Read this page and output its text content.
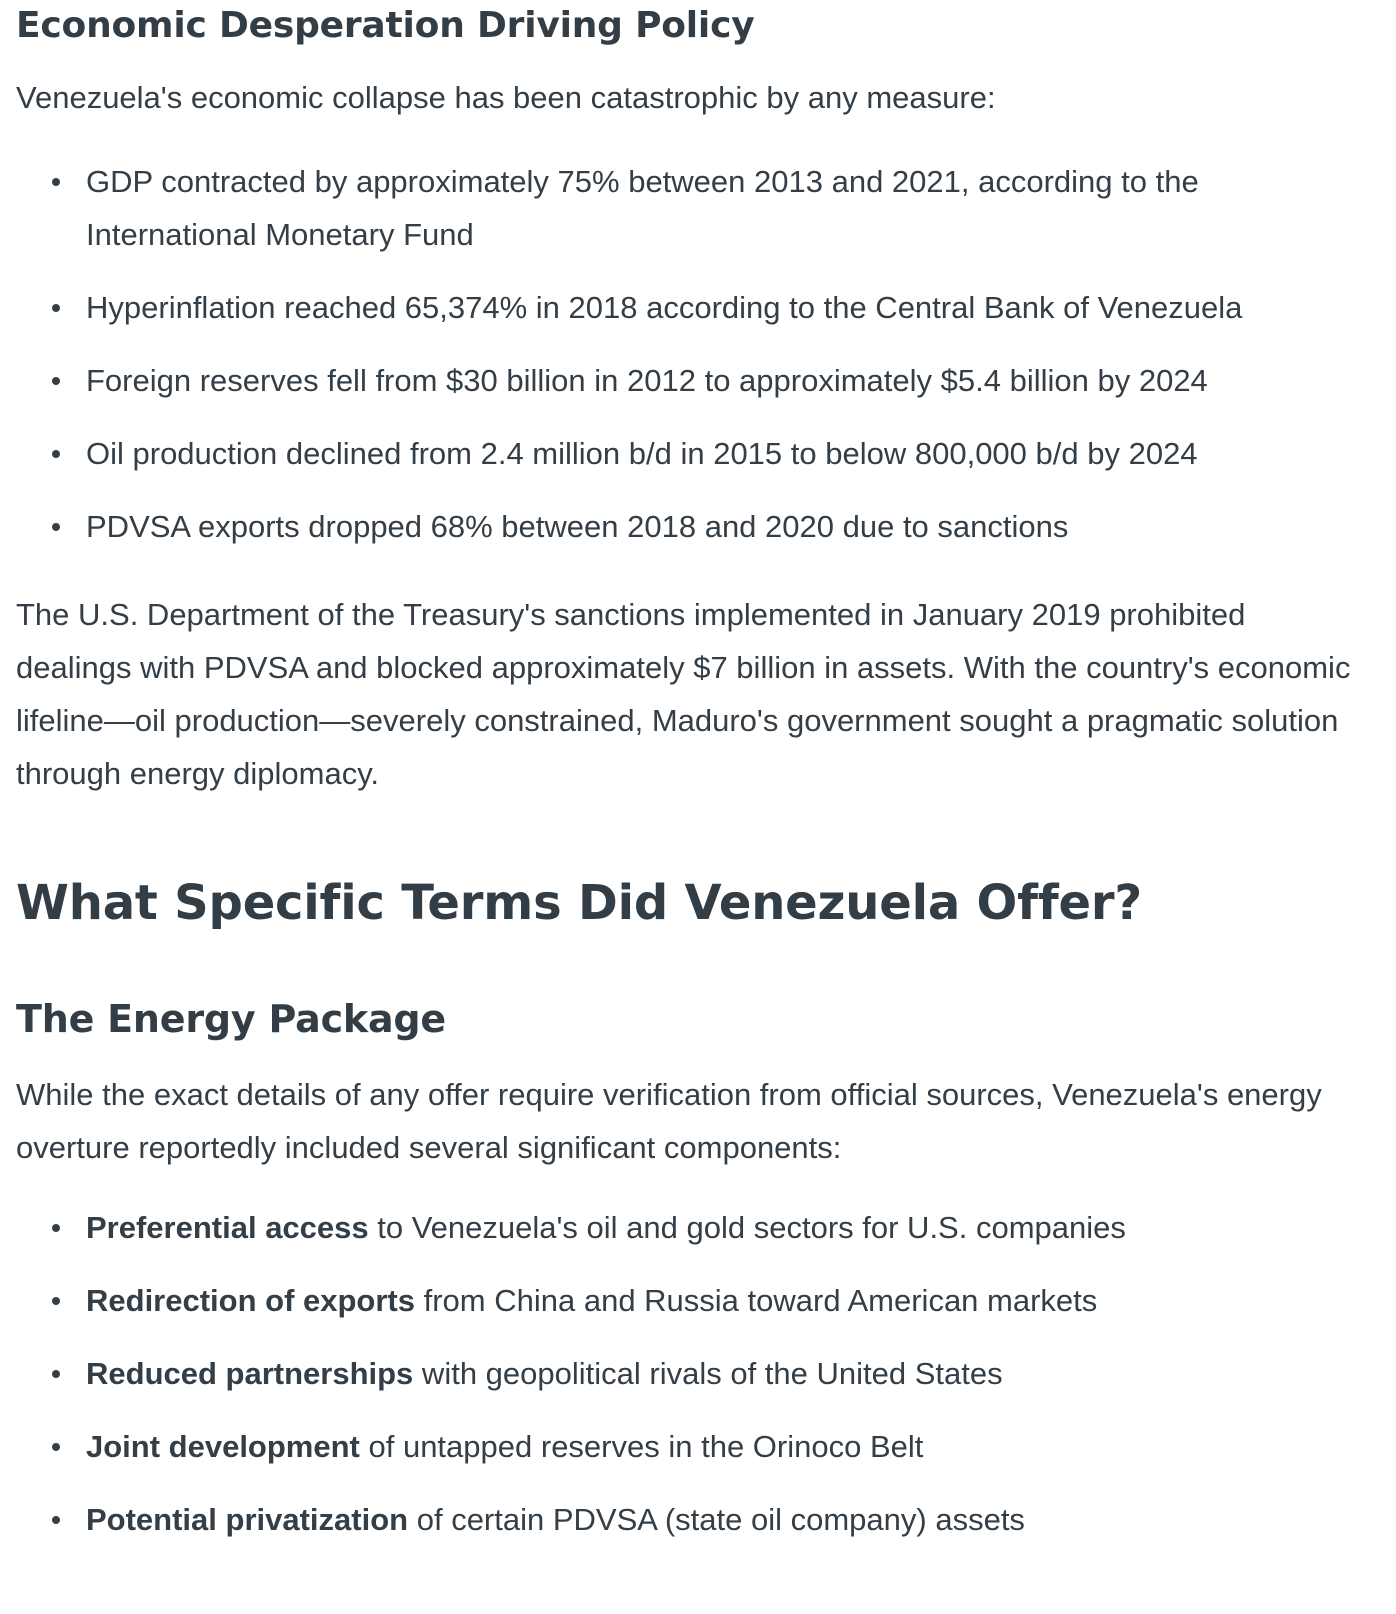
Economic Desperation Driving Policy

Venezuela's economic collapse has been catastrophic by any measure:

GDP contracted by approximately 75% between 2013 and 2021, according to the International Monetary Fund
Hyperinflation reached 65,374% in 2018 according to the Central Bank of Venezuela
Foreign reserves fell from $30 billion in 2012 to approximately $5.4 billion by 2024
Oil production declined from 2.4 million b/d in 2015 to below 800,000 b/d by 2024
PDVSA exports dropped 68% between 2018 and 2020 due to sanctions

The U.S. Department of the Treasury's sanctions implemented in January 2019 prohibited dealings with PDVSA and blocked approximately $7 billion in assets. With the country's economic lifeline—oil production—severely constrained, Maduro's government sought a pragmatic solution through energy diplomacy.

What Specific Terms Did Venezuela Offer?
The Energy Package

While the exact details of any offer require verification from official sources, Venezuela's energy overture reportedly included several significant components:

Preferential access to Venezuela's oil and gold sectors for U.S. companies
Redirection of exports from China and Russia toward American markets
Reduced partnerships with geopolitical rivals of the United States
Joint development of untapped reserves in the Orinoco Belt
Potential privatization of certain PDVSA (state oil company) assets
